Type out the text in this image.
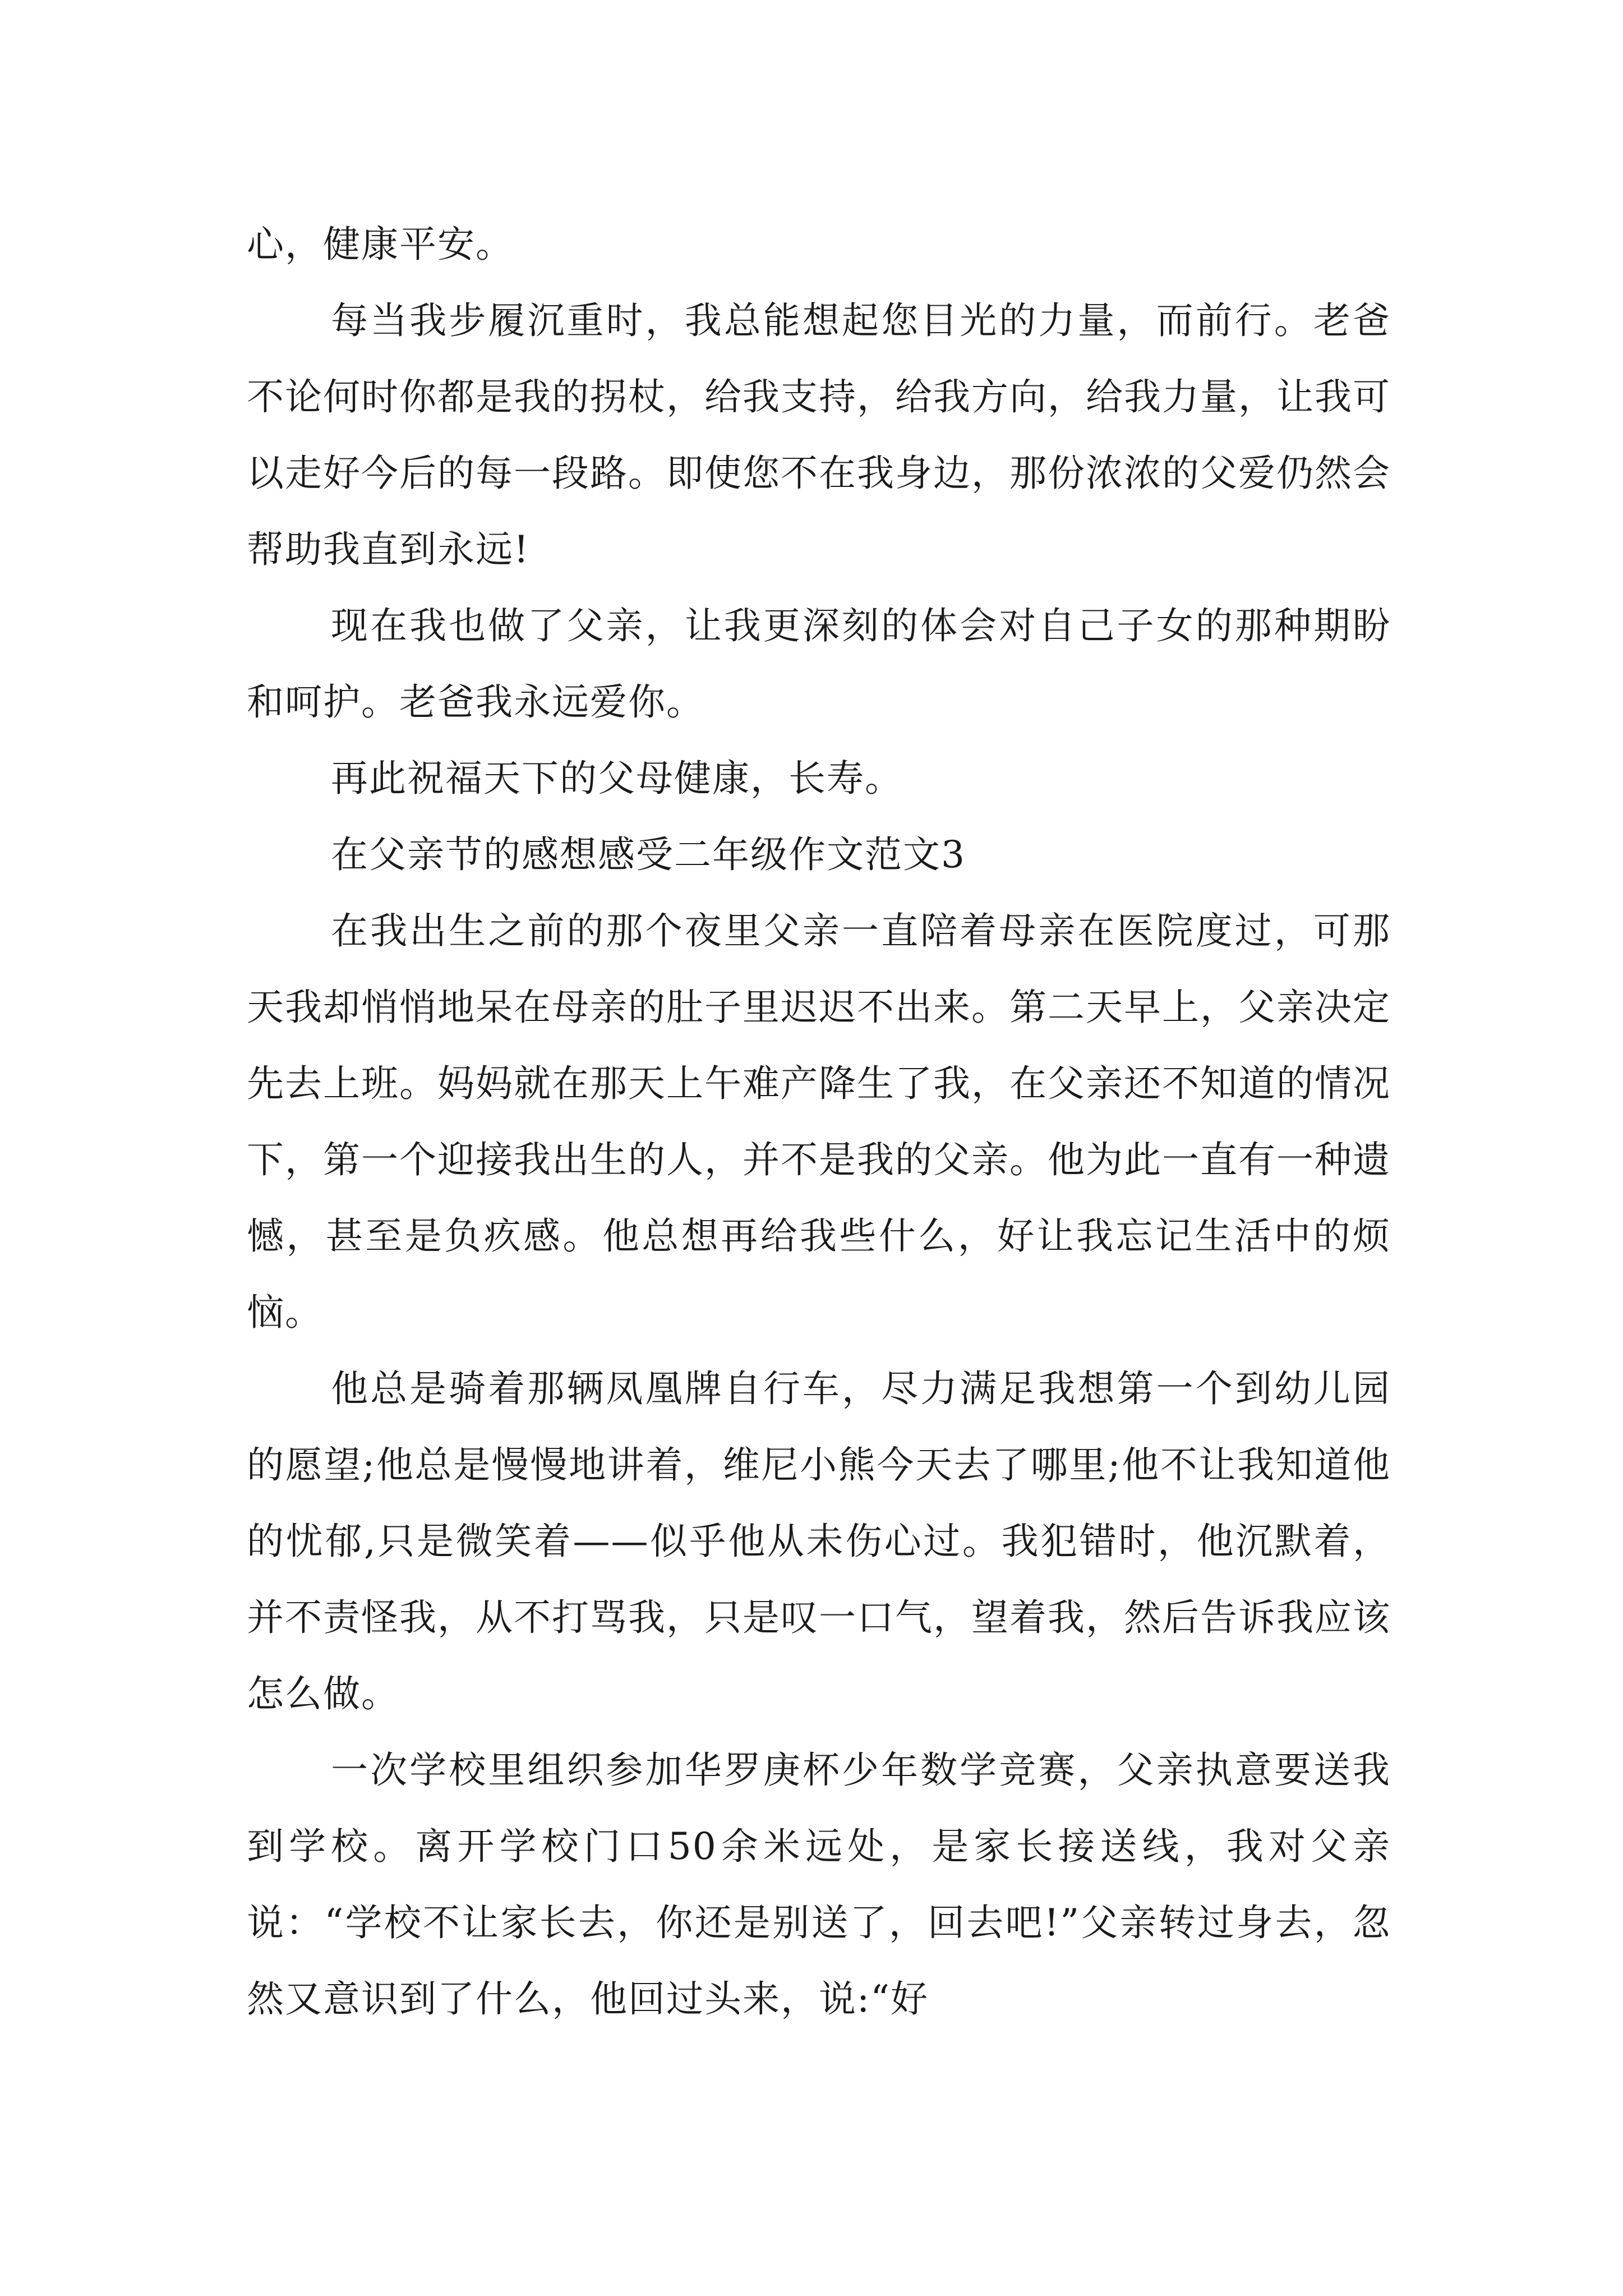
心，健康平安。

每当我步履沉重时，我总能想起您目光的力量，而前行。老爸不论何时你都是我的拐杖，给我支持，给我方向，给我力量，让我可以走好今后的每一段路。即使您不在我身边，那份浓浓的父爱仍然会帮助我直到永远!

现在我也做了父亲，让我更深刻的体会对自己子女的那种期盼和呵护。老爸我永远爱你。

再此祝福天下的父母健康，长寿。

在父亲节的感想感受二年级作文范文3

在我出生之前的那个夜里父亲一直陪着母亲在医院度过，可那天我却悄悄地呆在母亲的肚子里迟迟不出来。第二天早上，父亲决定先去上班。妈妈就在那天上午难产降生了我，在父亲还不知道的情况下，第一个迎接我出生的人，并不是我的父亲。他为此一直有一种遗憾，甚至是负疚感。他总想再给我些什么，好让我忘记生活中的烦恼。

他总是骑着那辆凤凰牌自行车，尽力满足我想第一个到幼儿园的愿望;他总是慢慢地讲着，维尼小熊今天去了哪里;他不让我知道他的忧郁,只是微笑着——似乎他从未伤心过。我犯错时，他沉默着，并不责怪我，从不打骂我，只是叹一口气，望着我，然后告诉我应该怎么做。

一次学校里组织参加华罗庚杯少年数学竞赛，父亲执意要送我到学校。离开学校门口50余米远处，是家长接送线，我对父亲说：“学校不让家长去，你还是别送了，回去吧!”父亲转过身去，忽然又意识到了什么，他回过头来，说:“好
